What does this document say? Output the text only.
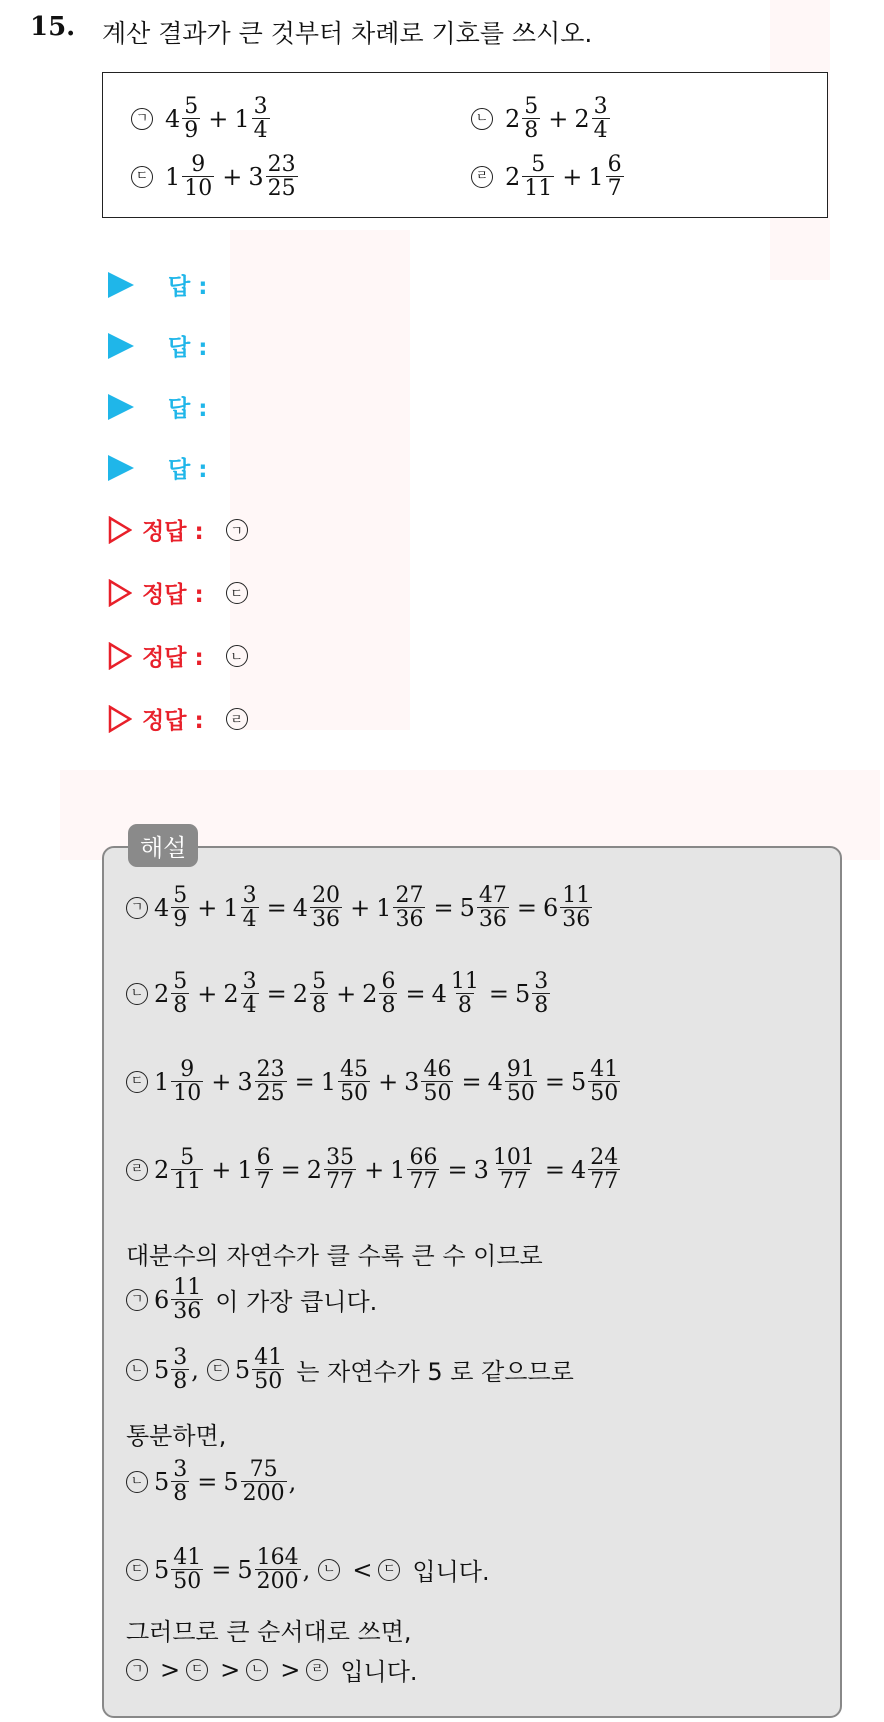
15. 계산 결과가 큰 것부터 차례로 기호를 쓰시오.
ㄱ $4 \frac{5}{9} + 1 \frac{3}{4}$	ㄴ $2 \frac{5}{8} + 2 \frac{3}{4}$
ㄷ $1 \frac{9}{10} + 3 \frac{23}{25}$	ㄹ $2 \frac{5}{11} + 1 \frac{6}{7}$
답 :
답 :
답 :
답 :
정답 :	ㄱ
정답 :	ㄷ
정답 :	ㄴ
정답 :	ㄹ
해설
ㄱ $4 \frac{5}{9} + 1 \frac{3}{4} = 4 \frac{20}{36} + 1 \frac{27}{36} = 5 \frac{47}{36} = 6 \frac{11}{36}$
ㄴ $2 \frac{5}{8} + 2 \frac{3}{4} = 2 \frac{5}{8} + 2 \frac{6}{8} = 4 \frac{11}{8} = 5 \frac{3}{8}$
ㄷ $1 \frac{9}{10} + 3 \frac{23}{25} = 1 \frac{45}{50} + 3 \frac{46}{50} = 4 \frac{91}{50} = 5 \frac{41}{50}$
ㄹ $2 \frac{5}{11} + 1 \frac{6}{7} = 2 \frac{35}{77} + 1 \frac{66}{77} = 3 \frac{101}{77} = 4 \frac{24}{77}$
대분수의 자연수가 클 수록 큰 수 이므로
ㄱ $6 \frac{11}{36}$ 이 가장 큽니다.
ㄴ $5 \frac{3}{8}$ , ㄷ $5 \frac{41}{50}$ 는 자연수가 5 로 같으므로
통분하면,
ㄴ $5 \frac{3}{8} = 5 \frac{75}{200}$ ,
ㄷ $5 \frac{41}{50} = 5 \frac{164}{200}$ , ㄴ < ㄷ 입니다.
그러므로 큰 순서대로 쓰면,
ㄱ > ㄷ > ㄴ > ㄹ 입니다.
